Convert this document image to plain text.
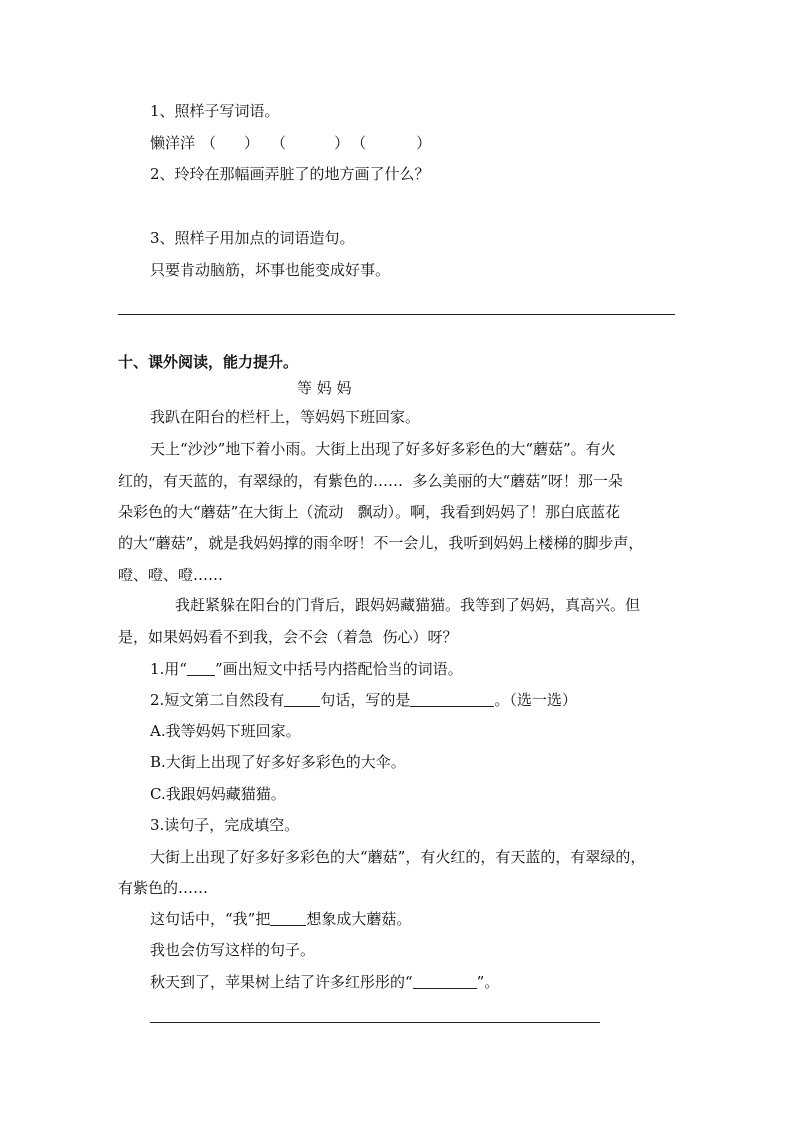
1、照样子写词语。
懒洋洋 （ ） （	） （	）
2、玲玲在那幅画弄脏了的地方画了什么？
3、照样子用加点的词语造句。
只要肯动脑筋，坏事也能变成好事。
十、课外阅读，能力提升。
等 妈 妈
我趴在阳台的栏杆上，等妈妈下班回家。
天上“沙沙”地下着小雨。大街上出现了好多好多彩色的大“蘑菇”。有火
红的，有天蓝的，有翠绿的，有紫色的……  多么美丽的大“蘑菇”呀！那一朵
朵彩色的大“蘑菇”在大街上（流动   飘动）。啊，我看到妈妈了！那白底蓝花
的大“蘑菇”，就是我妈妈撑的雨伞呀！不一会儿，我听到妈妈上楼梯的脚步声，
噔、噔、噔……
我赶紧躲在阳台的门背后，跟妈妈藏猫猫。我等到了妈妈，真高兴。但
是，如果妈妈看不到我，会不会（着急  伤心）呀？
1.用“ ”画出短文中括号内搭配恰当的词语。
2.短文第二自然段有 句话，写的是	。（选一选）
A.我等妈妈下班回家。
B.大街上出现了好多好多彩色的大伞。
C.我跟妈妈藏猫猫。
3.读句子，完成填空。
大街上出现了好多好多彩色的大“蘑菇”，有火红的，有天蓝的，有翠绿的，
有紫色的……
这句话中，“我”把 想象成大蘑菇。
我也会仿写这样的句子。
秋天到了，苹果树上结了许多红彤彤的“	”。
